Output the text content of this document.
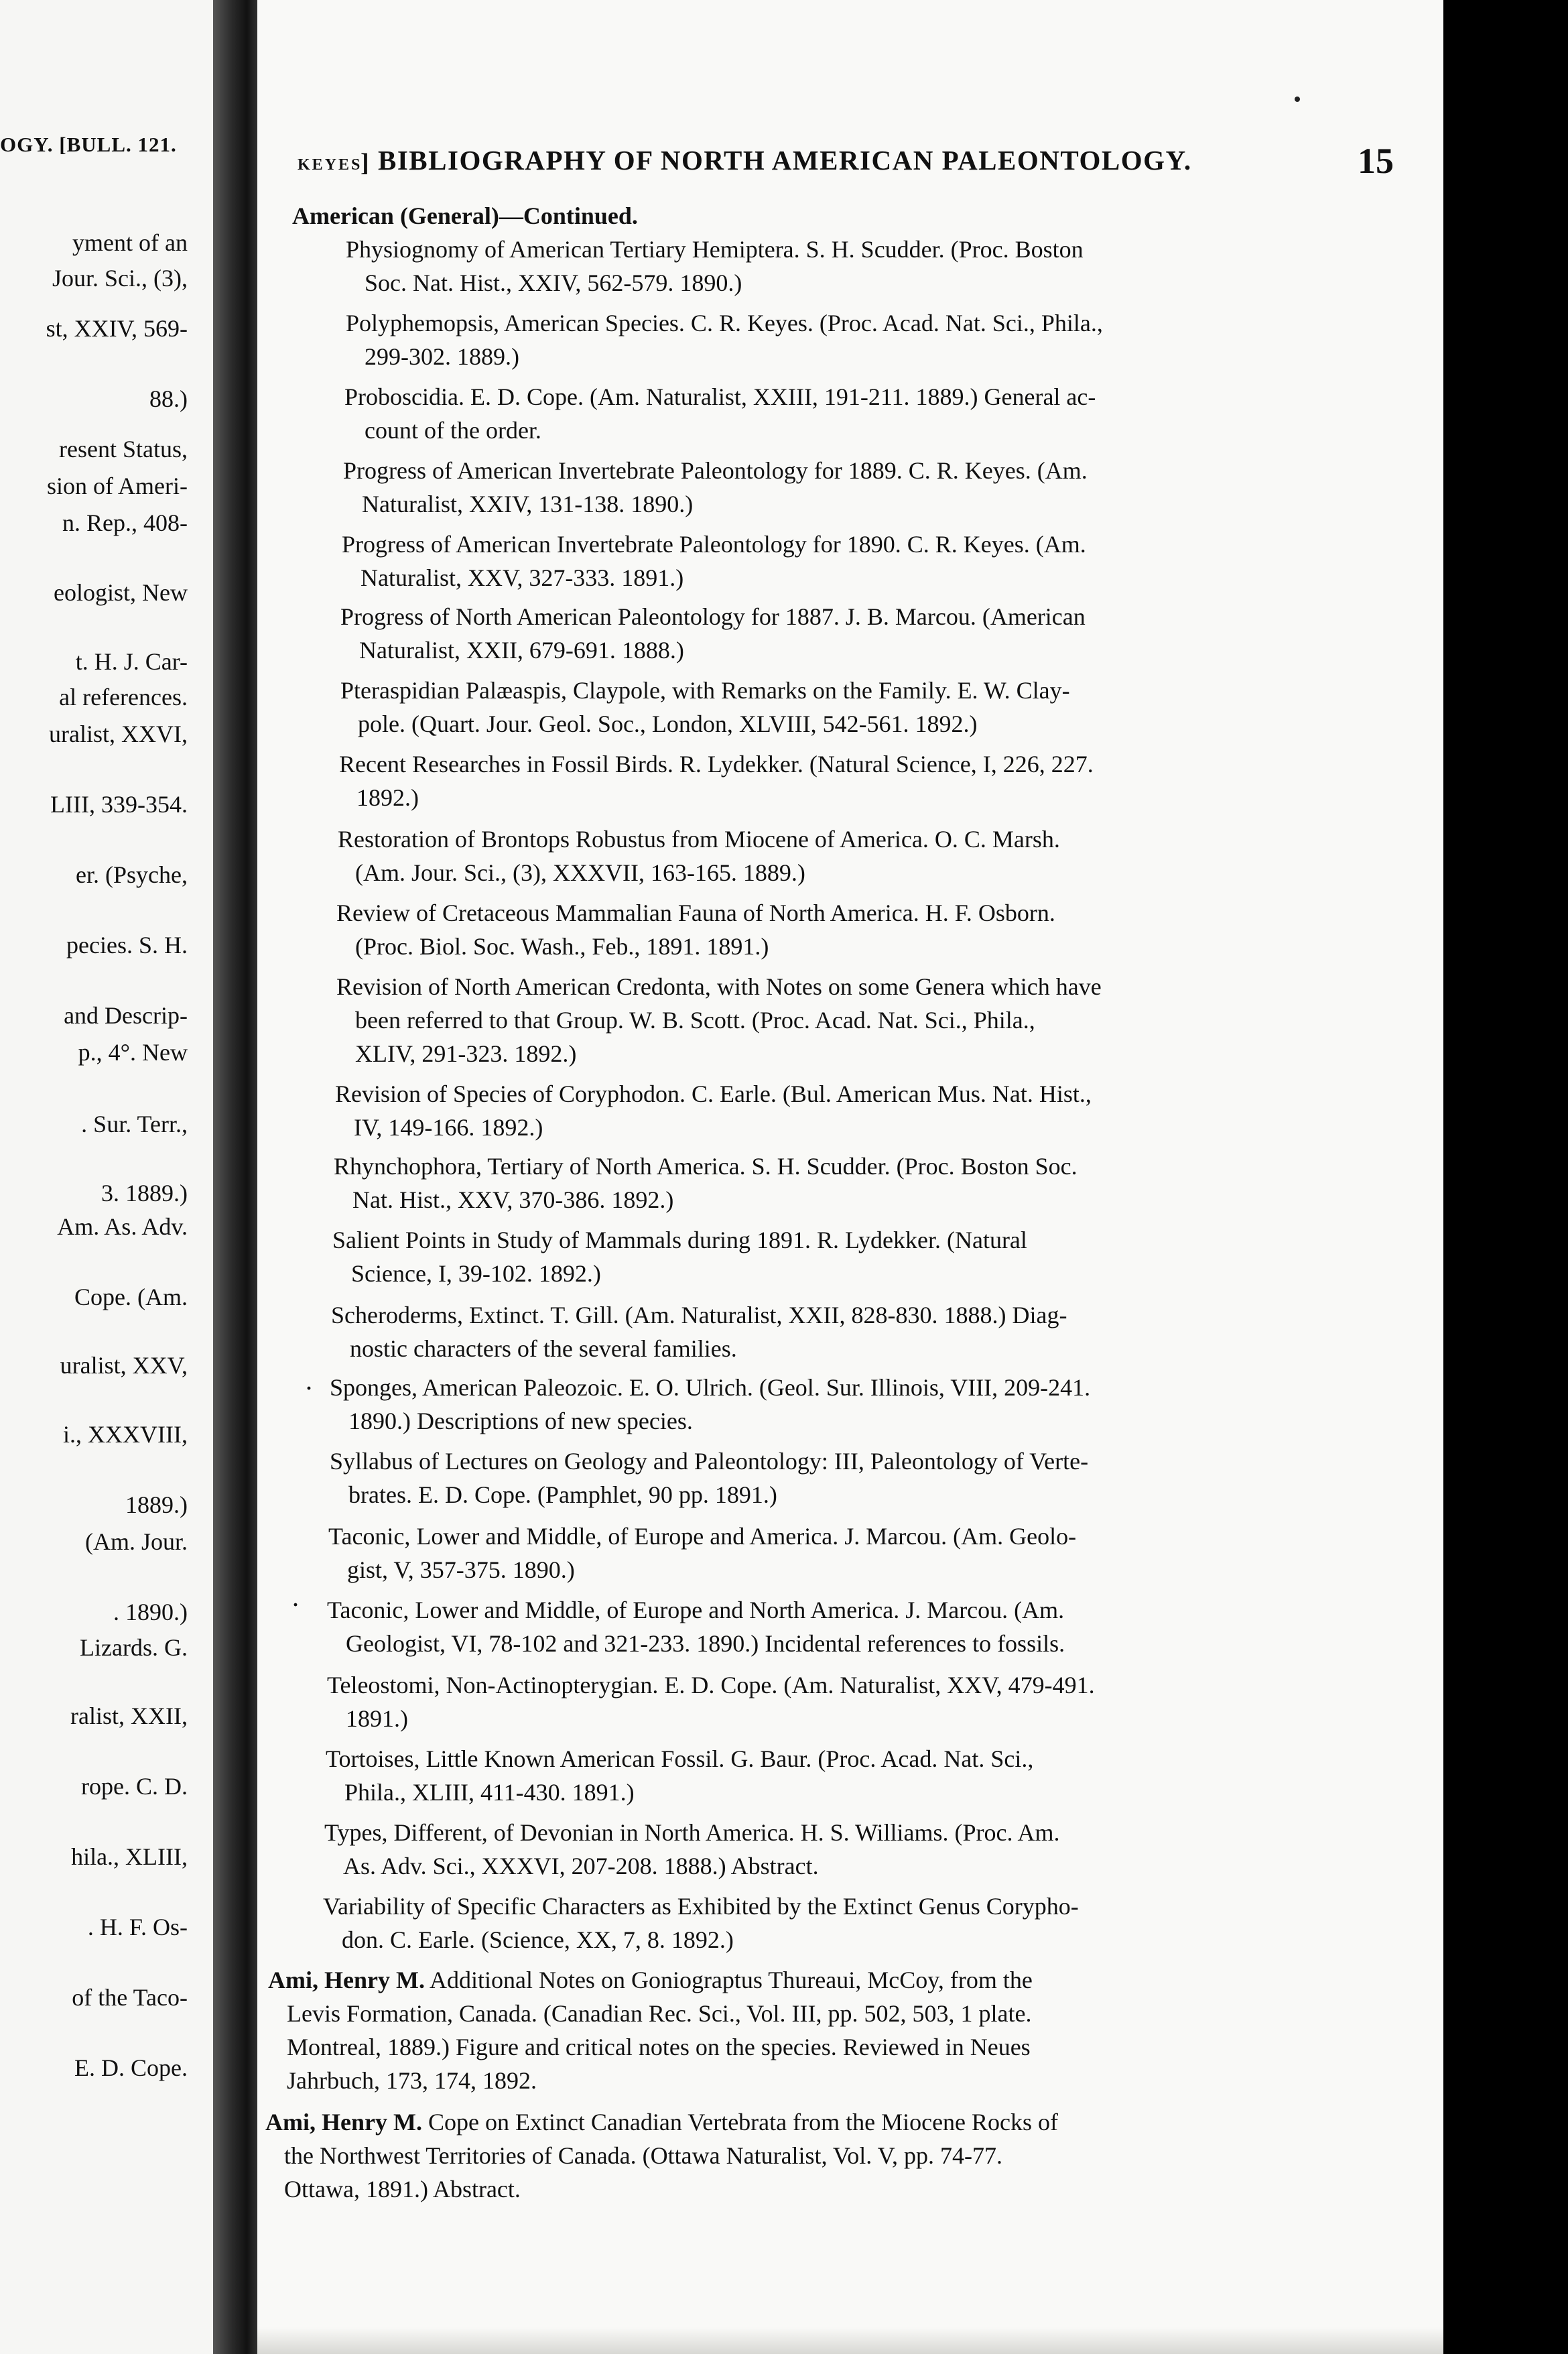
OGY. [BULL. 121.
yment of an
Jour. Sci., (3),
st, XXIV, 569-
88.)
resent Status,
sion of Ameri-
n. Rep., 408-
eologist, New
t. H. J. Car-
al references.
uralist, XXVI,
LIII, 339-354.
er. (Psyche,
pecies. S. H.
and Descrip-
p., 4°. New
. Sur. Terr.,
3. 1889.)
Am. As. Adv.
Cope. (Am.
uralist, XXV,
i., XXXVIII,
1889.)
(Am. Jour.
. 1890.)
Lizards. G.
ralist, XXII,
rope. C. D.
hila., XLIII,
. H. F. Os-
of the Taco-
E. D. Cope.
KEYES
] BIBLIOGRAPHY OF NORTH AMERICAN PALEONTOLOGY.	15
American (General)—Continued.
Physiognomy of American Tertiary Hemiptera. S. H. Scudder. (Proc. Boston
Soc. Nat. Hist., XXIV, 562-579. 1890.)
Polyphemopsis, American Species. C. R. Keyes. (Proc. Acad. Nat. Sci., Phila.,
299-302. 1889.)
Proboscidia. E. D. Cope. (Am. Naturalist, XXIII, 191-211. 1889.) General ac-
count of the order.
Progress of American Invertebrate Paleontology for 1889. C. R. Keyes. (Am.
Naturalist, XXIV, 131-138. 1890.)
Progress of American Invertebrate Paleontology for 1890. C. R. Keyes. (Am.
Naturalist, XXV, 327-333. 1891.)
Progress of North American Paleontology for 1887. J. B. Marcou. (American
Naturalist, XXII, 679-691. 1888.)
Pteraspidian Palæaspis, Claypole, with Remarks on the Family. E. W. Clay-
pole. (Quart. Jour. Geol. Soc., London, XLVIII, 542-561. 1892.)
Recent Researches in Fossil Birds. R. Lydekker. (Natural Science, I, 226, 227.
1892.)
Restoration of Brontops Robustus from Miocene of America. O. C. Marsh.
(Am. Jour. Sci., (3), XXXVII, 163-165. 1889.)
Review of Cretaceous Mammalian Fauna of North America. H. F. Osborn.
(Proc. Biol. Soc. Wash., Feb., 1891. 1891.)
Revision of North American Credonta, with Notes on some Genera which have
been referred to that Group. W. B. Scott. (Proc. Acad. Nat. Sci., Phila.,
XLIV, 291-323. 1892.)
Revision of Species of Coryphodon. C. Earle. (Bul. American Mus. Nat. Hist.,
IV, 149-166. 1892.)
Rhynchophora, Tertiary of North America. S. H. Scudder. (Proc. Boston Soc.
Nat. Hist., XXV, 370-386. 1892.)
Salient Points in Study of Mammals during 1891. R. Lydekker. (Natural
Science, I, 39-102. 1892.)
Scheroderms, Extinct. T. Gill. (Am. Naturalist, XXII, 828-830. 1888.) Diag-
nostic characters of the several families.
Sponges, American Paleozoic. E. O. Ulrich. (Geol. Sur. Illinois, VIII, 209-241.
1890.) Descriptions of new species.
Syllabus of Lectures on Geology and Paleontology: III, Paleontology of Verte-
brates. E. D. Cope. (Pamphlet, 90 pp. 1891.)
Taconic, Lower and Middle, of Europe and America. J. Marcou. (Am. Geolo-
gist, V, 357-375. 1890.)
Taconic, Lower and Middle, of Europe and North America. J. Marcou. (Am.
Geologist, VI, 78-102 and 321-233. 1890.) Incidental references to fossils.
Teleostomi, Non-Actinopterygian. E. D. Cope. (Am. Naturalist, XXV, 479-491.
1891.)
Tortoises, Little Known American Fossil. G. Baur. (Proc. Acad. Nat. Sci.,
Phila., XLIII, 411-430. 1891.)
Types, Different, of Devonian in North America. H. S. Williams. (Proc. Am.
As. Adv. Sci., XXXVI, 207-208. 1888.) Abstract.
Variability of Specific Characters as Exhibited by the Extinct Genus Corypho-
don. C. Earle. (Science, XX, 7, 8. 1892.)
Ami, Henry M. Additional Notes on Goniograptus Thureaui, McCoy, from the
Levis Formation, Canada. (Canadian Rec. Sci., Vol. III, pp. 502, 503, 1 plate.
Montreal, 1889.) Figure and critical notes on the species. Reviewed in Neues
Jahrbuch, 173, 174, 1892.
Ami, Henry M. Cope on Extinct Canadian Vertebrata from the Miocene Rocks of
the Northwest Territories of Canada. (Ottawa Naturalist, Vol. V, pp. 74-77.
Ottawa, 1891.) Abstract.
·
·
